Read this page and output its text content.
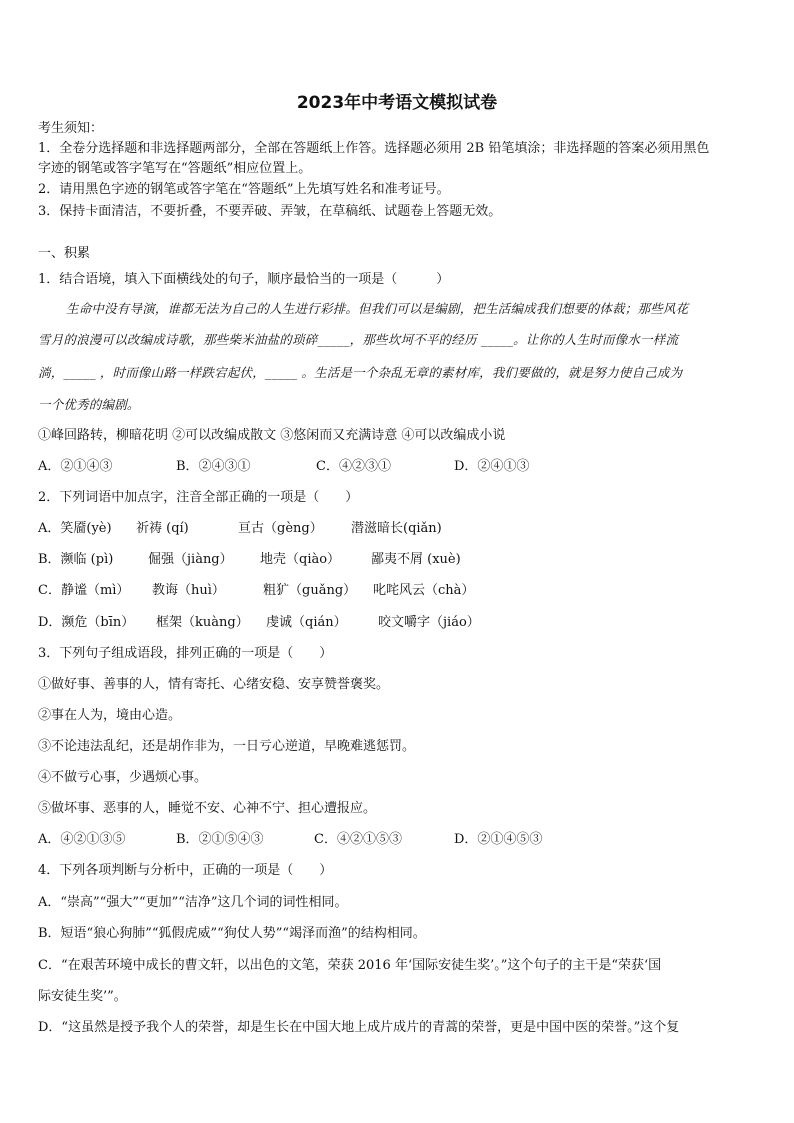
2023年中考语文模拟试卷
考生须知：
1．全卷分选择题和非选择题两部分，全部在答题纸上作答。选择题必须用 2B 铅笔填涂；非选择题的答案必须用黑色
字迹的钢笔或答字笔写在“答题纸”相应位置上。
2．请用黑色字迹的钢笔或答字笔在“答题纸”上先填写姓名和准考证号。
3．保持卡面清洁，不要折叠，不要弄破、弄皱，在草稿纸、试题卷上答题无效。
一、积累
1．结合语境，填入下面横线处的句子，顺序最恰当的一项是（　　　）
生命中没有导演，谁都无法为自己的人生进行彩排。但我们可以是编剧，把生活编成我们想要的体裁；那些风花
雪月的浪漫可以改编成诗歌，那些柴米油盐的琐碎_____，那些坎坷不平的经历 _____。让你的人生时而像水一样流
淌，_____ ，时而像山路一样跌宕起伏，_____ 。生活是一个杂乱无章的素材库，我们要做的，就是努力使自己成为
一个优秀的编剧。
①峰回路转，柳暗花明 ②可以改编成散文 ③悠闲而又充满诗意 ④可以改编成小说
A．②①④③	B．②④③①	C．④②③①	D．②④①③
2．下列词语中加点字，注音全部正确的一项是（　　）
A．笑靥(yè)	祈祷 (qí)	亘古（gèng）	潜滋暗长(qiǎn)
B．濒临 (pì)	倔强（jiàng）	地壳（qiào）	鄙夷不屑 (xuè)
C．静谧（mì）	教诲（huì）	粗犷（guǎng）	叱咤风云（chà）
D．濒危（bīn）	框架（kuàng）	虔诚（qián）	咬文嚼字（jiáo）
3．下列句子组成语段，排列正确的一项是（　　）
①做好事、善事的人，情有寄托、心绪安稳、安享赞誉褒奖。
②事在人为，境由心造。
③不论违法乱纪，还是胡作非为，一日亏心逆道，早晚难逃惩罚。
④不做亏心事，少遇烦心事。
⑤做坏事、恶事的人，睡觉不安、心神不宁、担心遭报应。
A．④②①③⑤	B．②①⑤④③	C．④②①⑤③	D．②①④⑤③
4．下列各项判断与分析中，正确的一项是（　　）
A．“崇高”“强大”“更加”“洁净”这几个词的词性相同。
B．短语“狼心狗肺”“狐假虎威”“狗仗人势”“竭泽而渔”的结构相同。
C．“在艰苦环境中成长的曹文轩，以出色的文笔，荣获 2016 年‘国际安徒生奖’。”这个句子的主干是“荣获‘国
际安徒生奖’”。
D．“这虽然是授予我个人的荣誉，却是生长在中国大地上成片成片的青蒿的荣誉，更是中国中医的荣誉。”这个复
